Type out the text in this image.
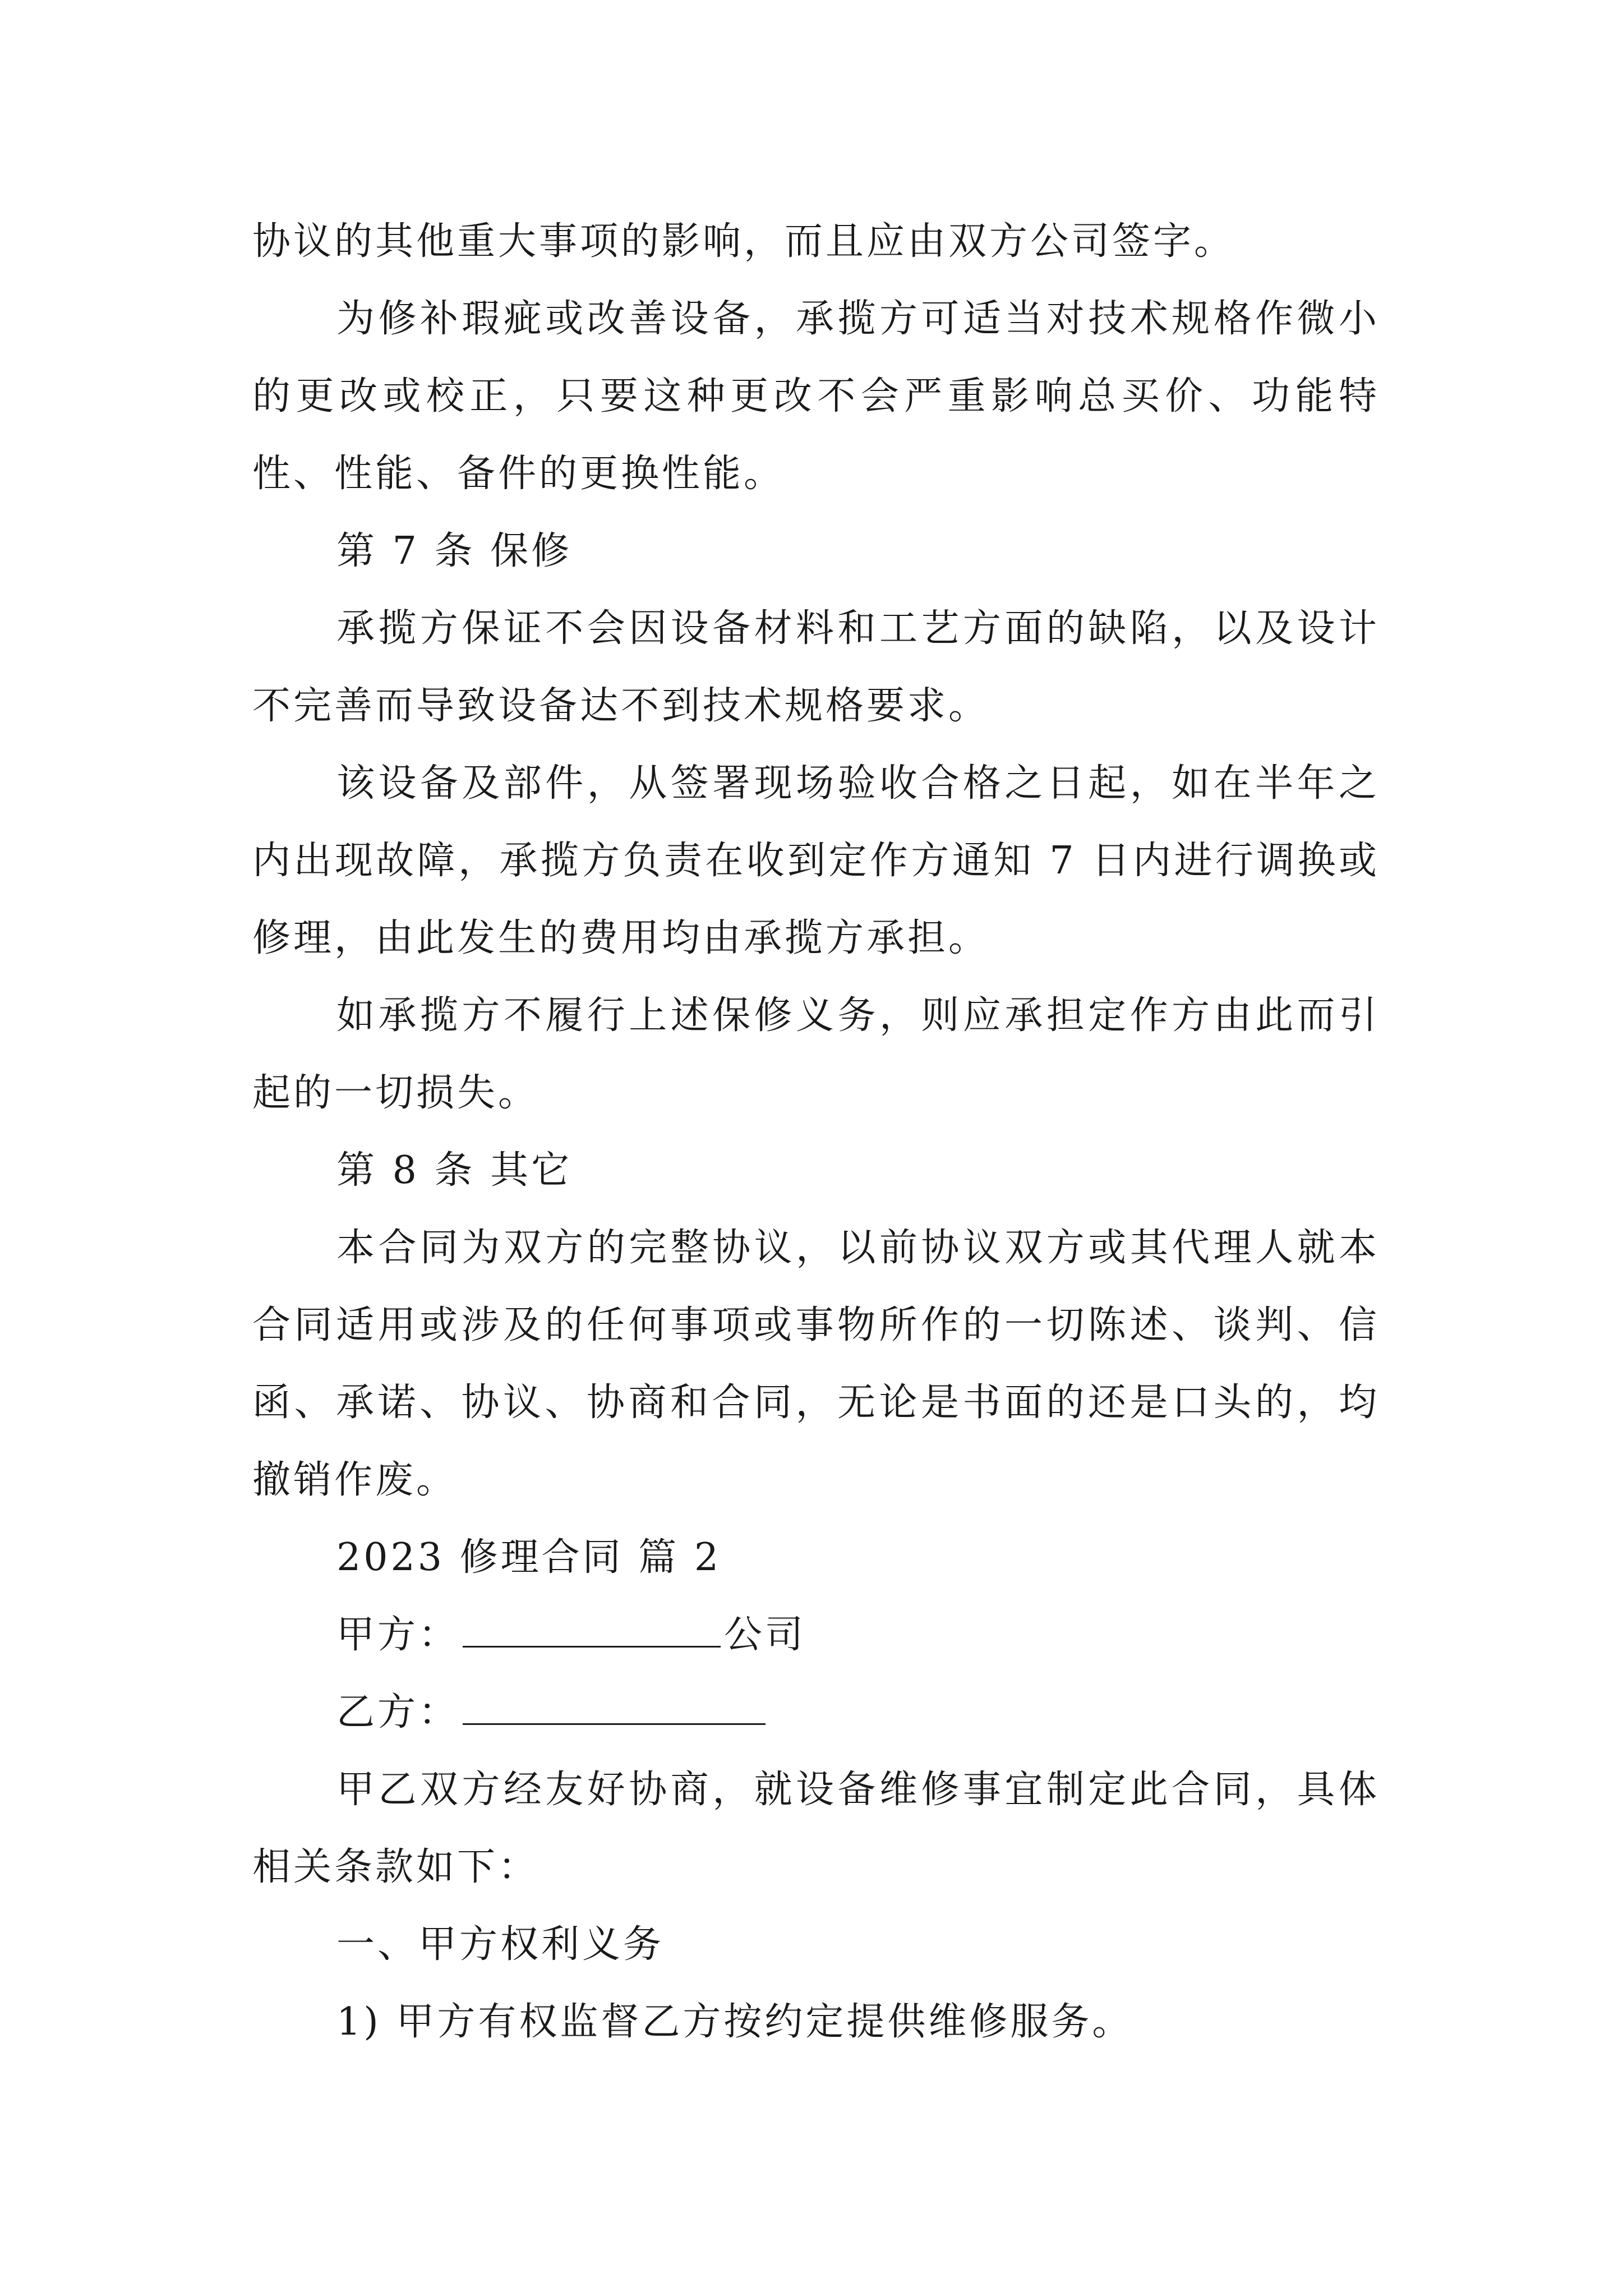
协议的其他重大事项的影响，而且应由双方公司签字。

为修补瑕疵或改善设备，承揽方可适当对技术规格作微小的更改或校正，只要这种更改不会严重影响总买价、功能特性、性能、备件的更换性能。

第 7 条 保修

承揽方保证不会因设备材料和工艺方面的缺陷，以及设计不完善而导致设备达不到技术规格要求。

该设备及部件，从签署现场验收合格之日起，如在半年之内出现故障，承揽方负责在收到定作方通知 7 日内进行调换或修理，由此发生的费用均由承揽方承担。

如承揽方不履行上述保修义务，则应承担定作方由此而引起的一切损失。

第 8 条 其它

本合同为双方的完整协议，以前协议双方或其代理人就本合同适用或涉及的任何事项或事物所作的一切陈述、谈判、信函、承诺、协议、协商和合同，无论是书面的还是口头的，均撤销作废。

2023 修理合同 篇 2

甲方：	公司

乙方：

甲乙双方经友好协商，就设备维修事宜制定此合同，具体相关条款如下：

一、甲方权利义务

1) 甲方有权监督乙方按约定提供维修服务。
